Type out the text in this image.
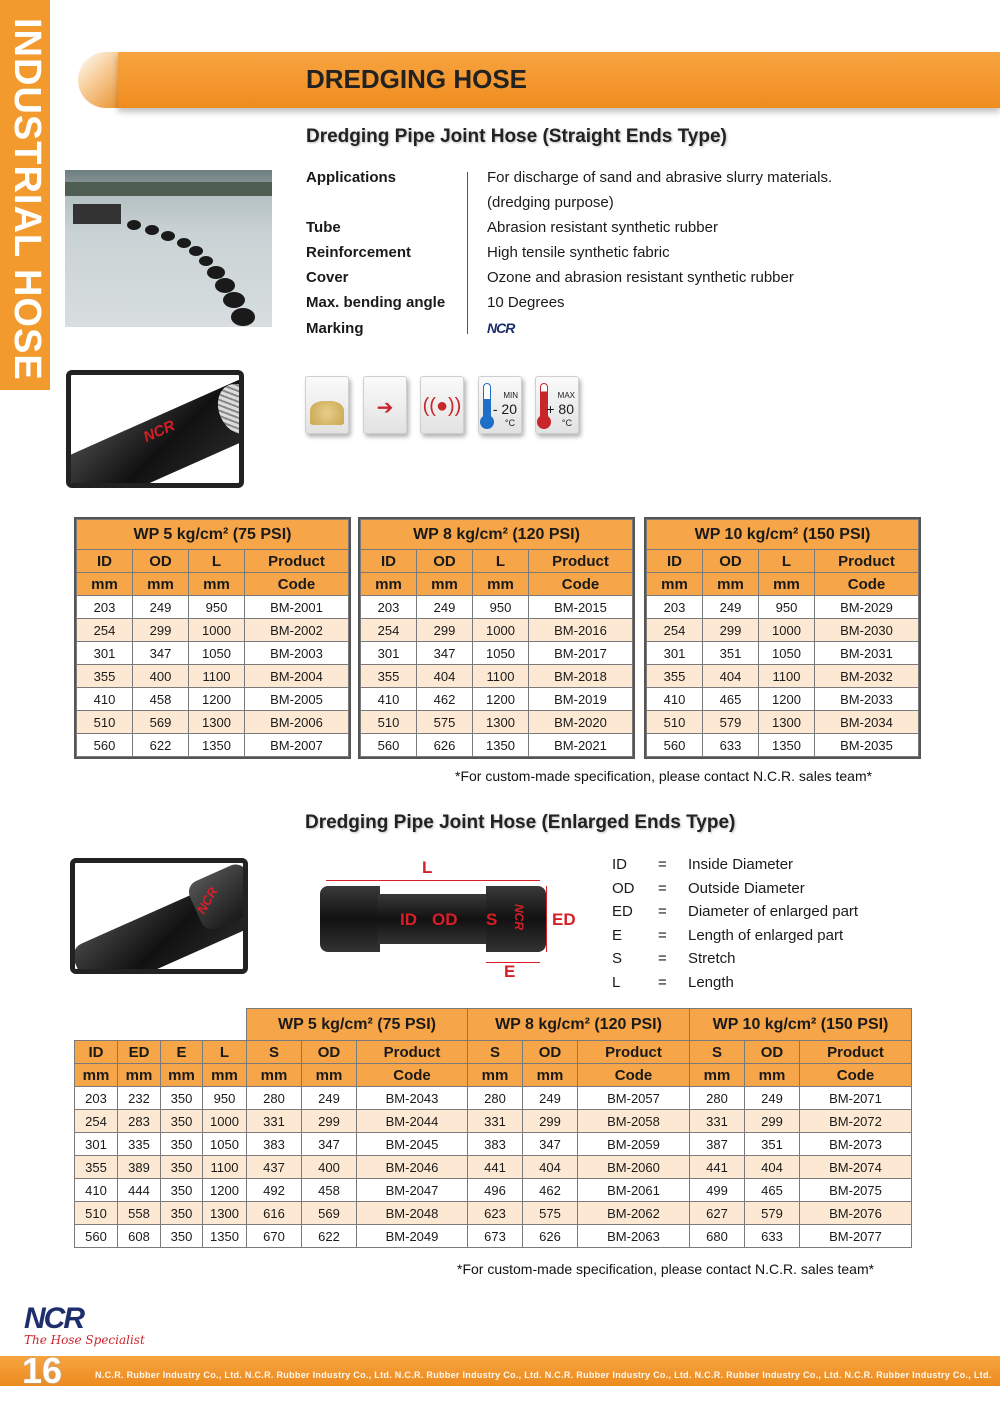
INDUSTRIAL HOSE	DREDGING HOSE
Dredging Pipe Joint Hose (Straight Ends Type)
NCR
Applications	For discharge of sand and abrasive slurry materials.
(dredging purpose)
Tube	Abrasion resistant synthetic rubber
Reinforcement	High tensile synthetic fabric
Cover	Ozone and abrasion resistant synthetic rubber
Max. bending angle	10 Degrees
Marking	NCR
➔	((●))	MIN
- 20
°C
MAX
+ 80
°C
WP 5 kg/cm² (75 PSI)			
ID	OD	L	Product
mm	mm	mm	Code
203	249	950	BM-2001
254	299	1000	BM-2002
301	347	1050	BM-2003
355	400	1100	BM-2004
410	458	1200	BM-2005
510	569	1300	BM-2006
560	622	1350	BM-2007
WP 8 kg/cm² (120 PSI)			
ID	OD	L	Product
mm	mm	mm	Code
203	249	950	BM-2015
254	299	1000	BM-2016
301	347	1050	BM-2017
355	404	1100	BM-2018
410	462	1200	BM-2019
510	575	1300	BM-2020
560	626	1350	BM-2021
WP 10 kg/cm² (150 PSI)			
ID	OD	L	Product
mm	mm	mm	Code
203	249	950	BM-2029
254	299	1000	BM-2030
301	351	1050	BM-2031
355	404	1100	BM-2032
410	465	1200	BM-2033
510	579	1300	BM-2034
560	633	1350	BM-2035
*For custom-made specification, please contact N.C.R. sales team*
Dredging Pipe Joint Hose (Enlarged Ends Type)
NCR
L
ID OD S	ED
E
NCR
ID = Inside Diameter
OD = Outside Diameter
ED = Diameter of enlarged part
E = Length of enlarged part
S = Stretch
L	= Length
				WP 5 kg/cm² (75 PSI)			WP 8 kg/cm² (120 PSI)			WP 10 kg/cm² (150 PSI)		
ID	ED	E	L	S	OD	Product	S	OD	Product	S	OD	Product
mm	mm	mm	mm	mm	mm	Code	mm	mm	Code	mm	mm	Code
203	232	350	950	280	249	BM-2043	280	249	BM-2057	280	249	BM-2071
254	283	350	1000	331	299	BM-2044	331	299	BM-2058	331	299	BM-2072
301	335	350	1050	383	347	BM-2045	383	347	BM-2059	387	351	BM-2073
355	389	350	1100	437	400	BM-2046	441	404	BM-2060	441	404	BM-2074
410	444	350	1200	492	458	BM-2047	496	462	BM-2061	499	465	BM-2075
510	558	350	1300	616	569	BM-2048	623	575	BM-2062	627	579	BM-2076
560	608	350	1350	670	622	BM-2049	673	626	BM-2063	680	633	BM-2077
*For custom-made specification, please contact N.C.R. sales team*
NCR
The Hose Specialist
16	N.C.R. Rubber Industry Co., Ltd. N.C.R. Rubber Industry Co., Ltd. N.C.R. Rubber Industry Co., Ltd. N.C.R. Rubber Industry Co., Ltd. N.C.R. Rubber Industry Co., Ltd. N.C.R. Rubber Industry Co., Ltd.
